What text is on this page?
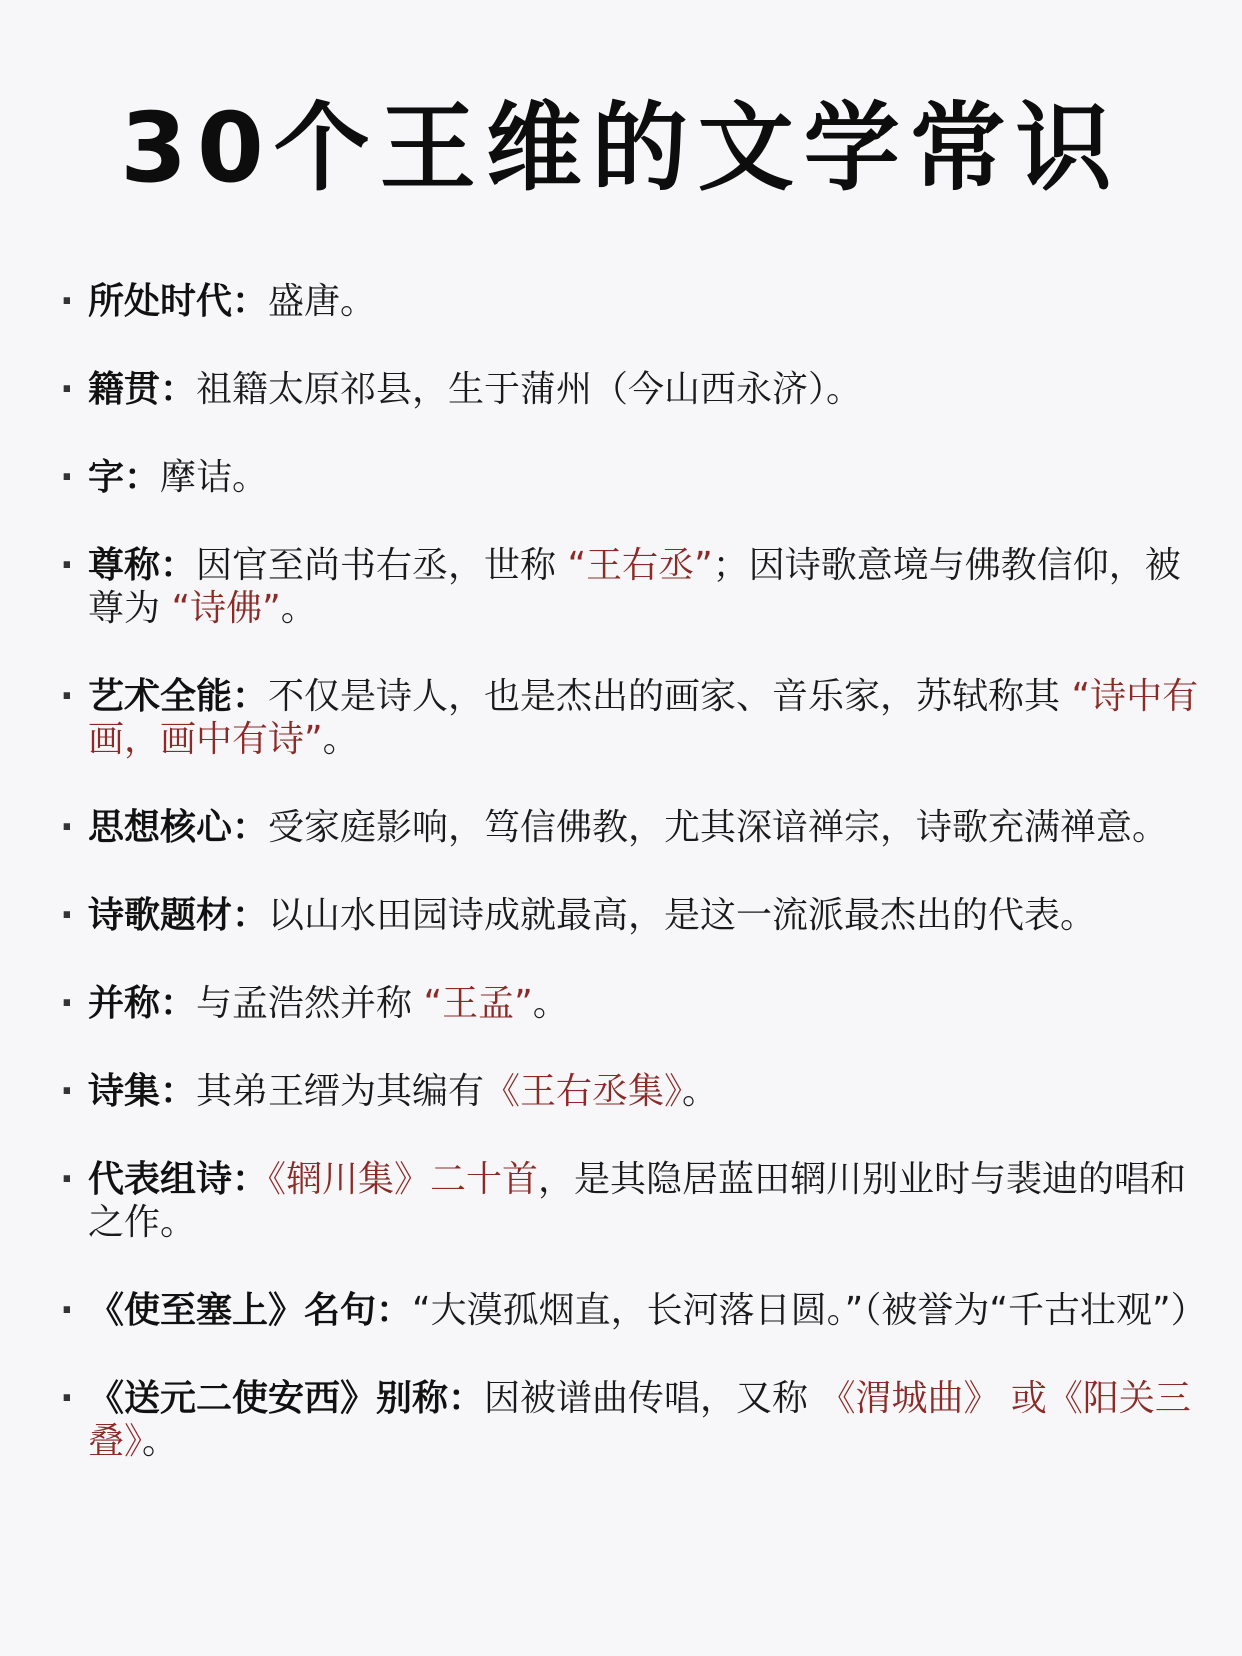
30个王维的文学常识
· 所处时代：盛唐。
· 籍贯：祖籍太原祁县，生于蒲州（今山西永济）。
· 字：摩诘。
· 尊称：因官至尚书右丞，世称 “王右丞”；因诗歌意境与佛教信仰，被尊为 “诗佛”。
· 艺术全能：不仅是诗人，也是杰出的画家、音乐家，苏轼称其 “诗中有画，画中有诗”。
· 思想核心：受家庭影响，笃信佛教，尤其深谙禅宗，诗歌充满禅意。
· 诗歌题材：以山水田园诗成就最高，是这一流派最杰出的代表。
· 并称：与孟浩然并称 “王孟”。
· 诗集：其弟王缙为其编有《王右丞集》。
· 代表组诗：《辋川集》二十首，是其隐居蓝田辋川别业时与裴迪的唱和之作。
· 《使至塞上》名句：“大漠孤烟直，长河落日圆。”（被誉为“千古壮观”）
· 《送元二使安西》别称：因被谱曲传唱，又称 《渭城曲》 或《阳关三叠》。
